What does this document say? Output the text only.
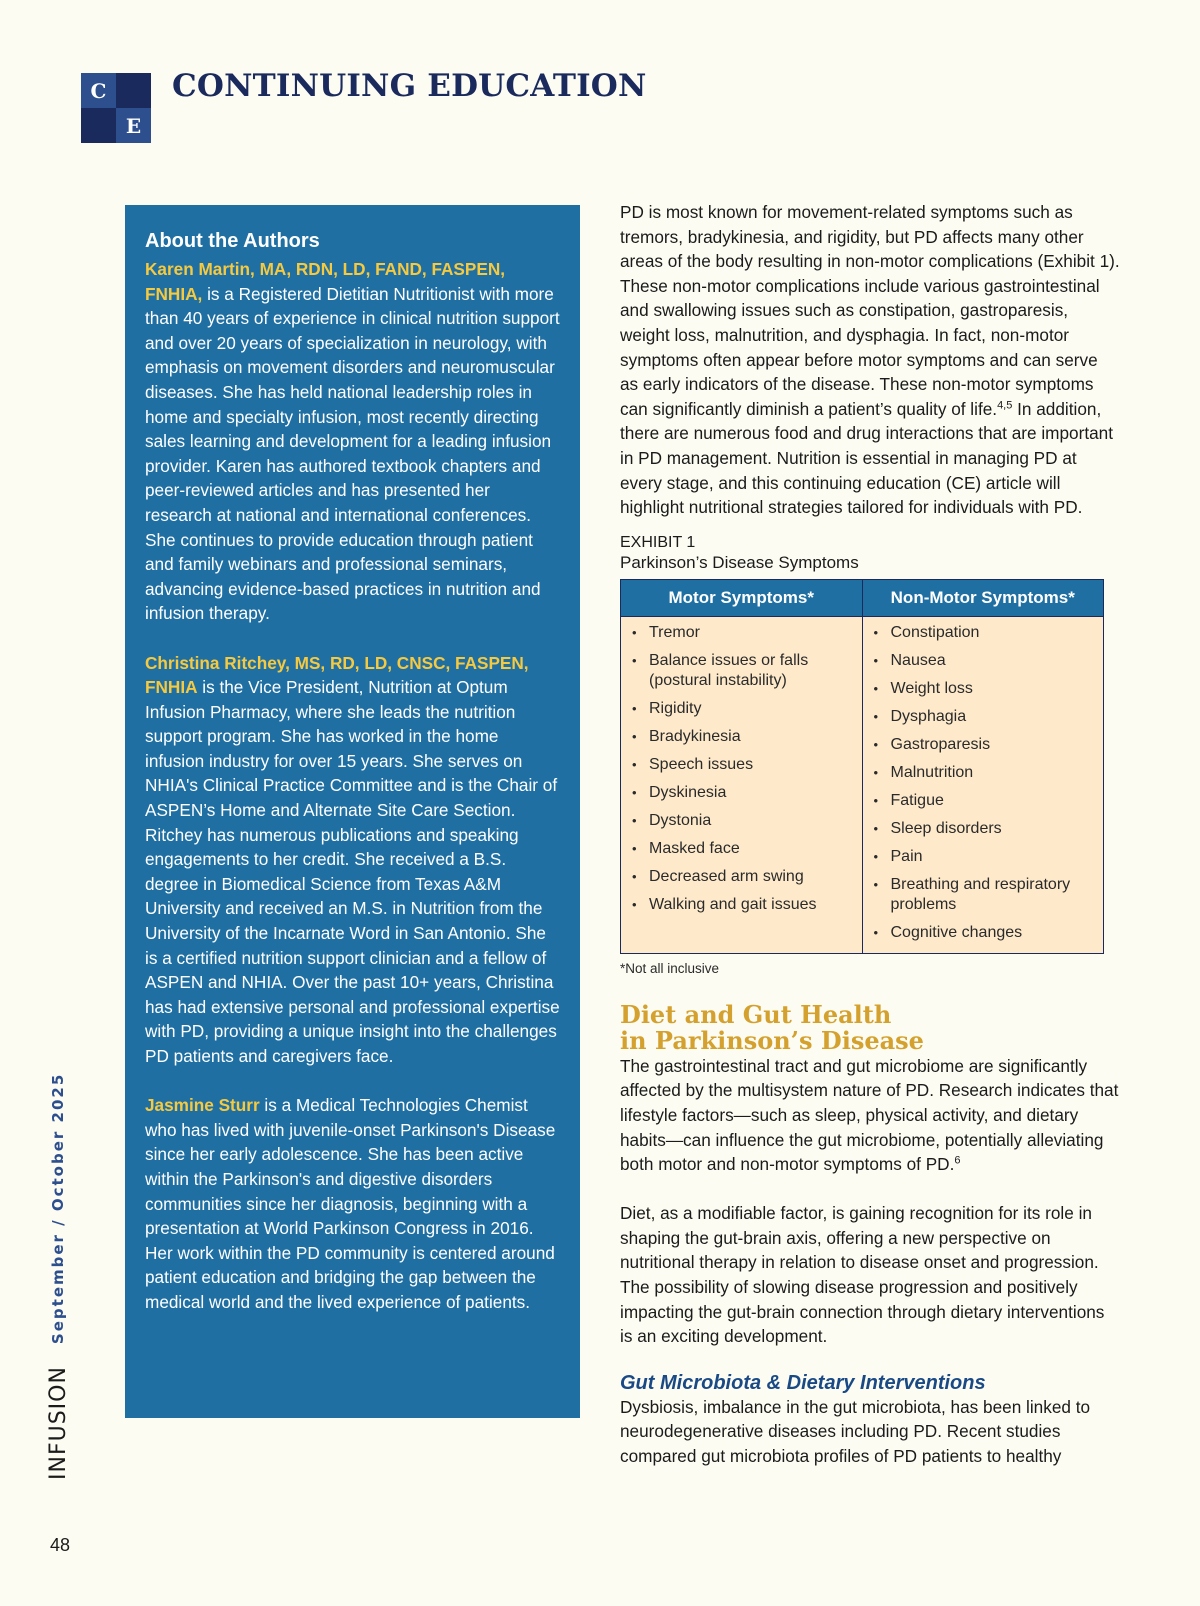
C
E
CONTINUING EDUCATION
INFUSION
September / October 2025
48
About the Authors

Karen Martin, MA, RDN, LD, FAND, FASPEN, FNHIA, is a Registered Dietitian Nutritionist with more than 40 years of experience in clinical nutrition support and over 20 years of specialization in neurology, with emphasis on movement disorders and neuromuscular diseases. She has held national leadership roles in home and specialty infusion, most recently directing sales learning and development for a leading infusion provider. Karen has authored textbook chapters and peer-reviewed articles and has presented her research at national and international conferences. She continues to provide education through patient and family webinars and professional seminars, advancing evidence-based practices in nutrition and infusion therapy.

Christina Ritchey, MS, RD, LD, CNSC, FASPEN, FNHIA is the Vice President, Nutrition at Optum Infusion Pharmacy, where she leads the nutrition support program. She has worked in the home infusion industry for over 15 years. She serves on NHIA's Clinical Practice Committee and is the Chair of ASPEN’s Home and Alternate Site Care Section. Ritchey has numerous publications and speaking engagements to her credit. She received a B.S. degree in Biomedical Science from Texas A&M University and received an M.S. in Nutrition from the University of the Incarnate Word in San Antonio. She is a certified nutrition support clinician and a fellow of ASPEN and NHIA. Over the past 10+ years, Christina has had extensive personal and professional expertise with PD, providing a unique insight into the challenges PD patients and caregivers face.

Jasmine Sturr is a Medical Technologies Chemist who has lived with juvenile-onset Parkinson's Disease since her early adolescence. She has been active within the Parkinson's and digestive disorders communities since her diagnosis, beginning with a presentation at World Parkinson Congress in 2016. Her work within the PD community is centered around patient education and bridging the gap between the medical world and the lived experience of patients.

PD is most known for movement-related symptoms such as tremors, bradykinesia, and rigidity, but PD affects many other areas of the body resulting in non-motor complications (Exhibit 1). These non-motor complications include various gastrointestinal and swallowing issues such as constipation, gastroparesis, weight loss, malnutrition, and dysphagia. In fact, non-motor symptoms often appear before motor symptoms and can serve as early indicators of the disease. These non-motor symptoms can significantly diminish a patient’s quality of life.$^{4,5}$ In addition, there are numerous food and drug interactions that are important in PD management. Nutrition is essential in managing PD at every stage, and this continuing education (CE) article will highlight nutritional strategies tailored for individuals with PD.

EXHIBIT 1

Parkinson’s Disease Symptoms

Motor Symptoms*	Non-Motor Symptoms*
• Tremor
• Balance issues or falls (postural instability)
• Rigidity
• Bradykinesia
• Speech issues
• Dyskinesia
• Dystonia
• Masked face
• Decreased arm swing
• Walking and gait issues
• Constipation
• Nausea
• Weight loss
• Dysphagia
• Gastroparesis
• Malnutrition
• Fatigue
• Sleep disorders
• Pain
• Breathing and respiratory problems
• Cognitive changes

*Not all inclusive

Diet and Gut Health
in Parkinson’s Disease

The gastrointestinal tract and gut microbiome are significantly affected by the multisystem nature of PD. Research indicates that lifestyle factors—such as sleep, physical activity, and dietary habits—can influence the gut microbiome, potentially alleviating both motor and non-motor symptoms of PD.$^6$

Diet, as a modifiable factor, is gaining recognition for its role in shaping the gut-brain axis, offering a new perspective on nutritional therapy in relation to disease onset and progression. The possibility of slowing disease progression and positively impacting the gut-brain connection through dietary interventions is an exciting development.

Gut Microbiota & Dietary Interventions

Dysbiosis, imbalance in the gut microbiota, has been linked to neurodegenerative diseases including PD. Recent studies compared gut microbiota profiles of PD patients to healthy
